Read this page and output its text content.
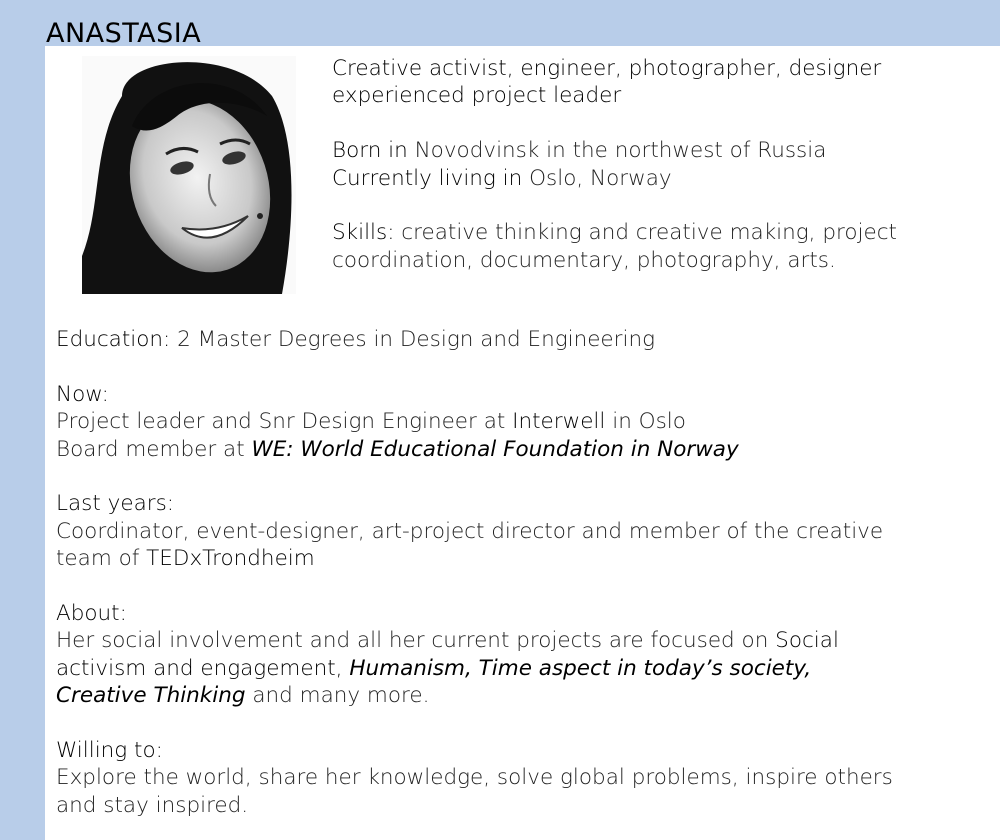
ANASTASIA
Creative activist, engineer, photographer, designer
experienced project leader
Born in Novodvinsk in the northwest of Russia
Currently living in Oslo, Norway
Skills: creative thinking and creative making, project
coordination, documentary, photography, arts.
Education: 2 Master Degrees in Design and Engineering
Now:
Project leader and Snr Design Engineer at Interwell in Oslo
Board member at WE: World Educational Foundation in Norway
Last years:
Coordinator, event-designer, art-project director and member of the creative
team of TEDxTrondheim
About:
Her social involvement and all her current projects are focused on Social
activism and engagement, Humanism, Time aspect in today’s society,
Creative Thinking and many more.
Willing to:
Explore the world, share her knowledge, solve global problems, inspire others
and stay inspired.
